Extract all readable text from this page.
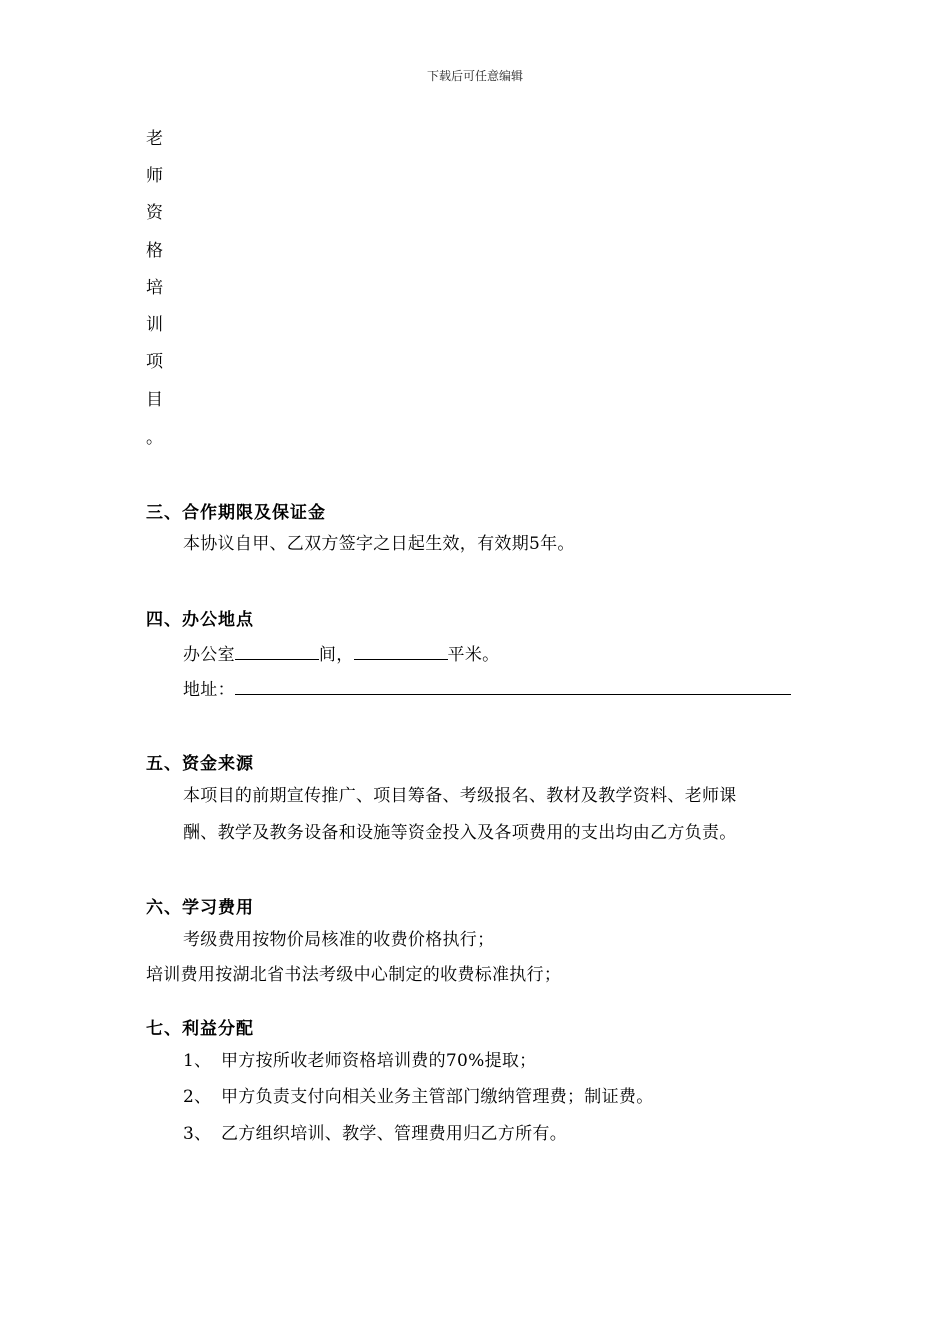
下载后可任意编辑
老
师
资
格
培
训
项
目
。
三、合作期限及保证金
本协议自甲、乙双方签字之日起生效，有效期5年。
四、办公地点
办公室	间，	平米。
地址：
五、资金来源
本项目的前期宣传推广、项目筹备、考级报名、教材及教学资料、老师课
酬、教学及教务设备和设施等资金投入及各项费用的支出均由乙方负责。
六、学习费用
考级费用按物价局核准的收费价格执行；
培训费用按湖北省书法考级中心制定的收费标准执行；
七、利益分配
1、 甲方按所收老师资格培训费的70%提取；
2、 甲方负责支付向相关业务主管部门缴纳管理费；制证费。
3、 乙方组织培训、教学、管理费用归乙方所有。
